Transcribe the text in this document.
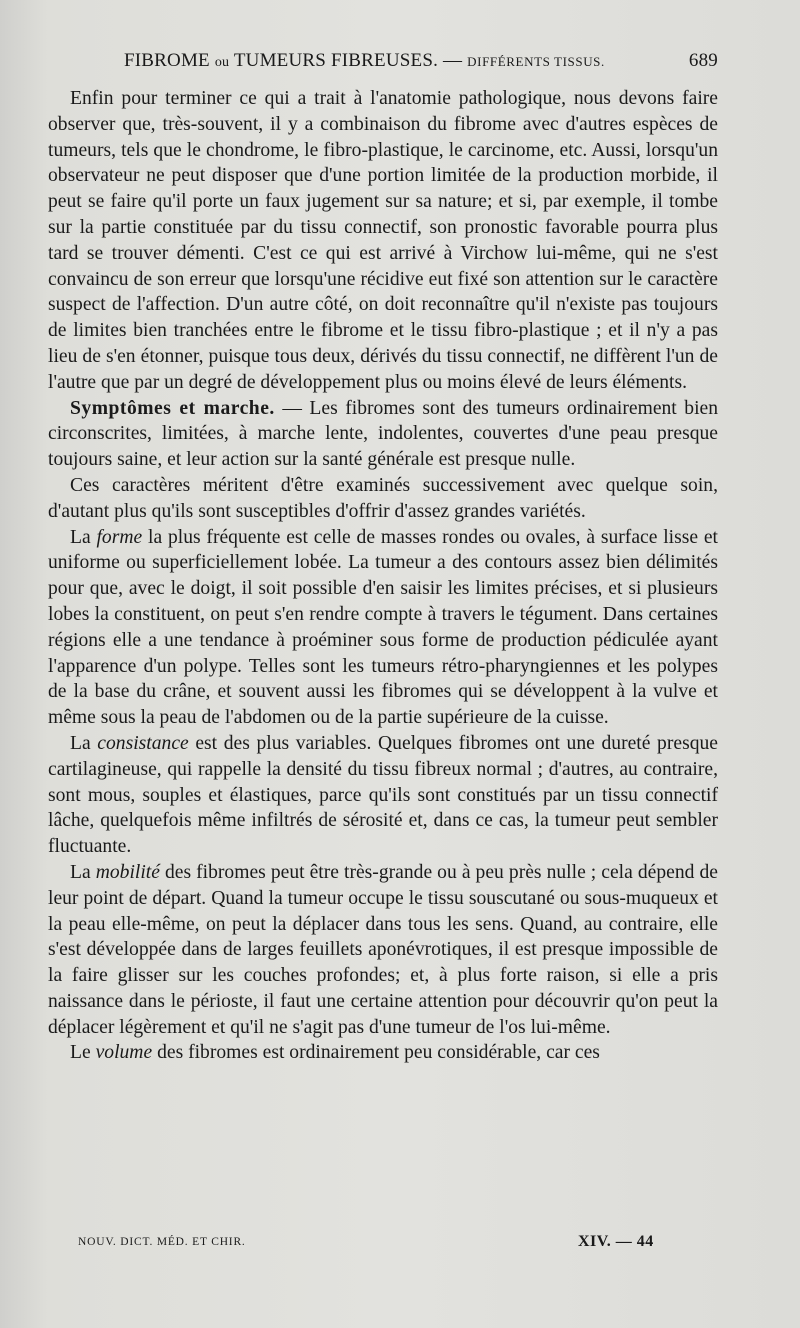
FIBROME ou TUMEURS FIBREUSES. — DIFFÉRENTS TISSUS.	689

Enfin pour terminer ce qui a trait à l'anatomie pathologique, nous devons faire observer que, très-souvent, il y a combinaison du fibrome avec d'autres espèces de tumeurs, tels que le chondrome, le fibro-plastique, le carcinome, etc. Aussi, lorsqu'un observateur ne peut disposer que d'une portion limitée de la production morbide, il peut se faire qu'il porte un faux jugement sur sa nature; et si, par exemple, il tombe sur la partie constituée par du tissu connectif, son pronostic favorable pourra plus tard se trouver démenti. C'est ce qui est arrivé à Virchow lui-même, qui ne s'est convaincu de son erreur que lorsqu'une récidive eut fixé son attention sur le caractère suspect de l'affection. D'un autre côté, on doit reconnaître qu'il n'existe pas toujours de limites bien tranchées entre le fibrome et le tissu fibro-plastique ; et il n'y a pas lieu de s'en étonner, puisque tous deux, dérivés du tissu connectif, ne diffèrent l'un de l'autre que par un degré de développement plus ou moins élevé de leurs éléments.

Symptômes et marche. — Les fibromes sont des tumeurs ordinairement bien circonscrites, limitées, à marche lente, indolentes, couvertes d'une peau presque toujours saine, et leur action sur la santé générale est presque nulle.

Ces caractères méritent d'être examinés successivement avec quelque soin, d'autant plus qu'ils sont susceptibles d'offrir d'assez grandes variétés.

La forme la plus fréquente est celle de masses rondes ou ovales, à surface lisse et uniforme ou superficiellement lobée. La tumeur a des contours assez bien délimités pour que, avec le doigt, il soit possible d'en saisir les limites précises, et si plusieurs lobes la constituent, on peut s'en rendre compte à travers le tégument. Dans certaines régions elle a une tendance à proéminer sous forme de production pédiculée ayant l'apparence d'un polype. Telles sont les tumeurs rétro-pharyngiennes et les polypes de la base du crâne, et souvent aussi les fibromes qui se développent à la vulve et même sous la peau de l'abdomen ou de la partie supérieure de la cuisse.

La consistance est des plus variables. Quelques fibromes ont une dureté presque cartilagineuse, qui rappelle la densité du tissu fibreux normal ; d'autres, au contraire, sont mous, souples et élastiques, parce qu'ils sont constitués par un tissu connectif lâche, quelquefois même infiltrés de sérosité et, dans ce cas, la tumeur peut sembler fluctuante.

La mobilité des fibromes peut être très-grande ou à peu près nulle ; cela dépend de leur point de départ. Quand la tumeur occupe le tissu souscutané ou sous-muqueux et la peau elle-même, on peut la déplacer dans tous les sens. Quand, au contraire, elle s'est développée dans de larges feuillets aponévrotiques, il est presque impossible de la faire glisser sur les couches profondes; et, à plus forte raison, si elle a pris naissance dans le périoste, il faut une certaine attention pour découvrir qu'on peut la déplacer légèrement et qu'il ne s'agit pas d'une tumeur de l'os lui-même.

Le volume des fibromes est ordinairement peu considérable, car ces

NOUV. DICT. MÉD. ET CHIR.	XIV. — 44
